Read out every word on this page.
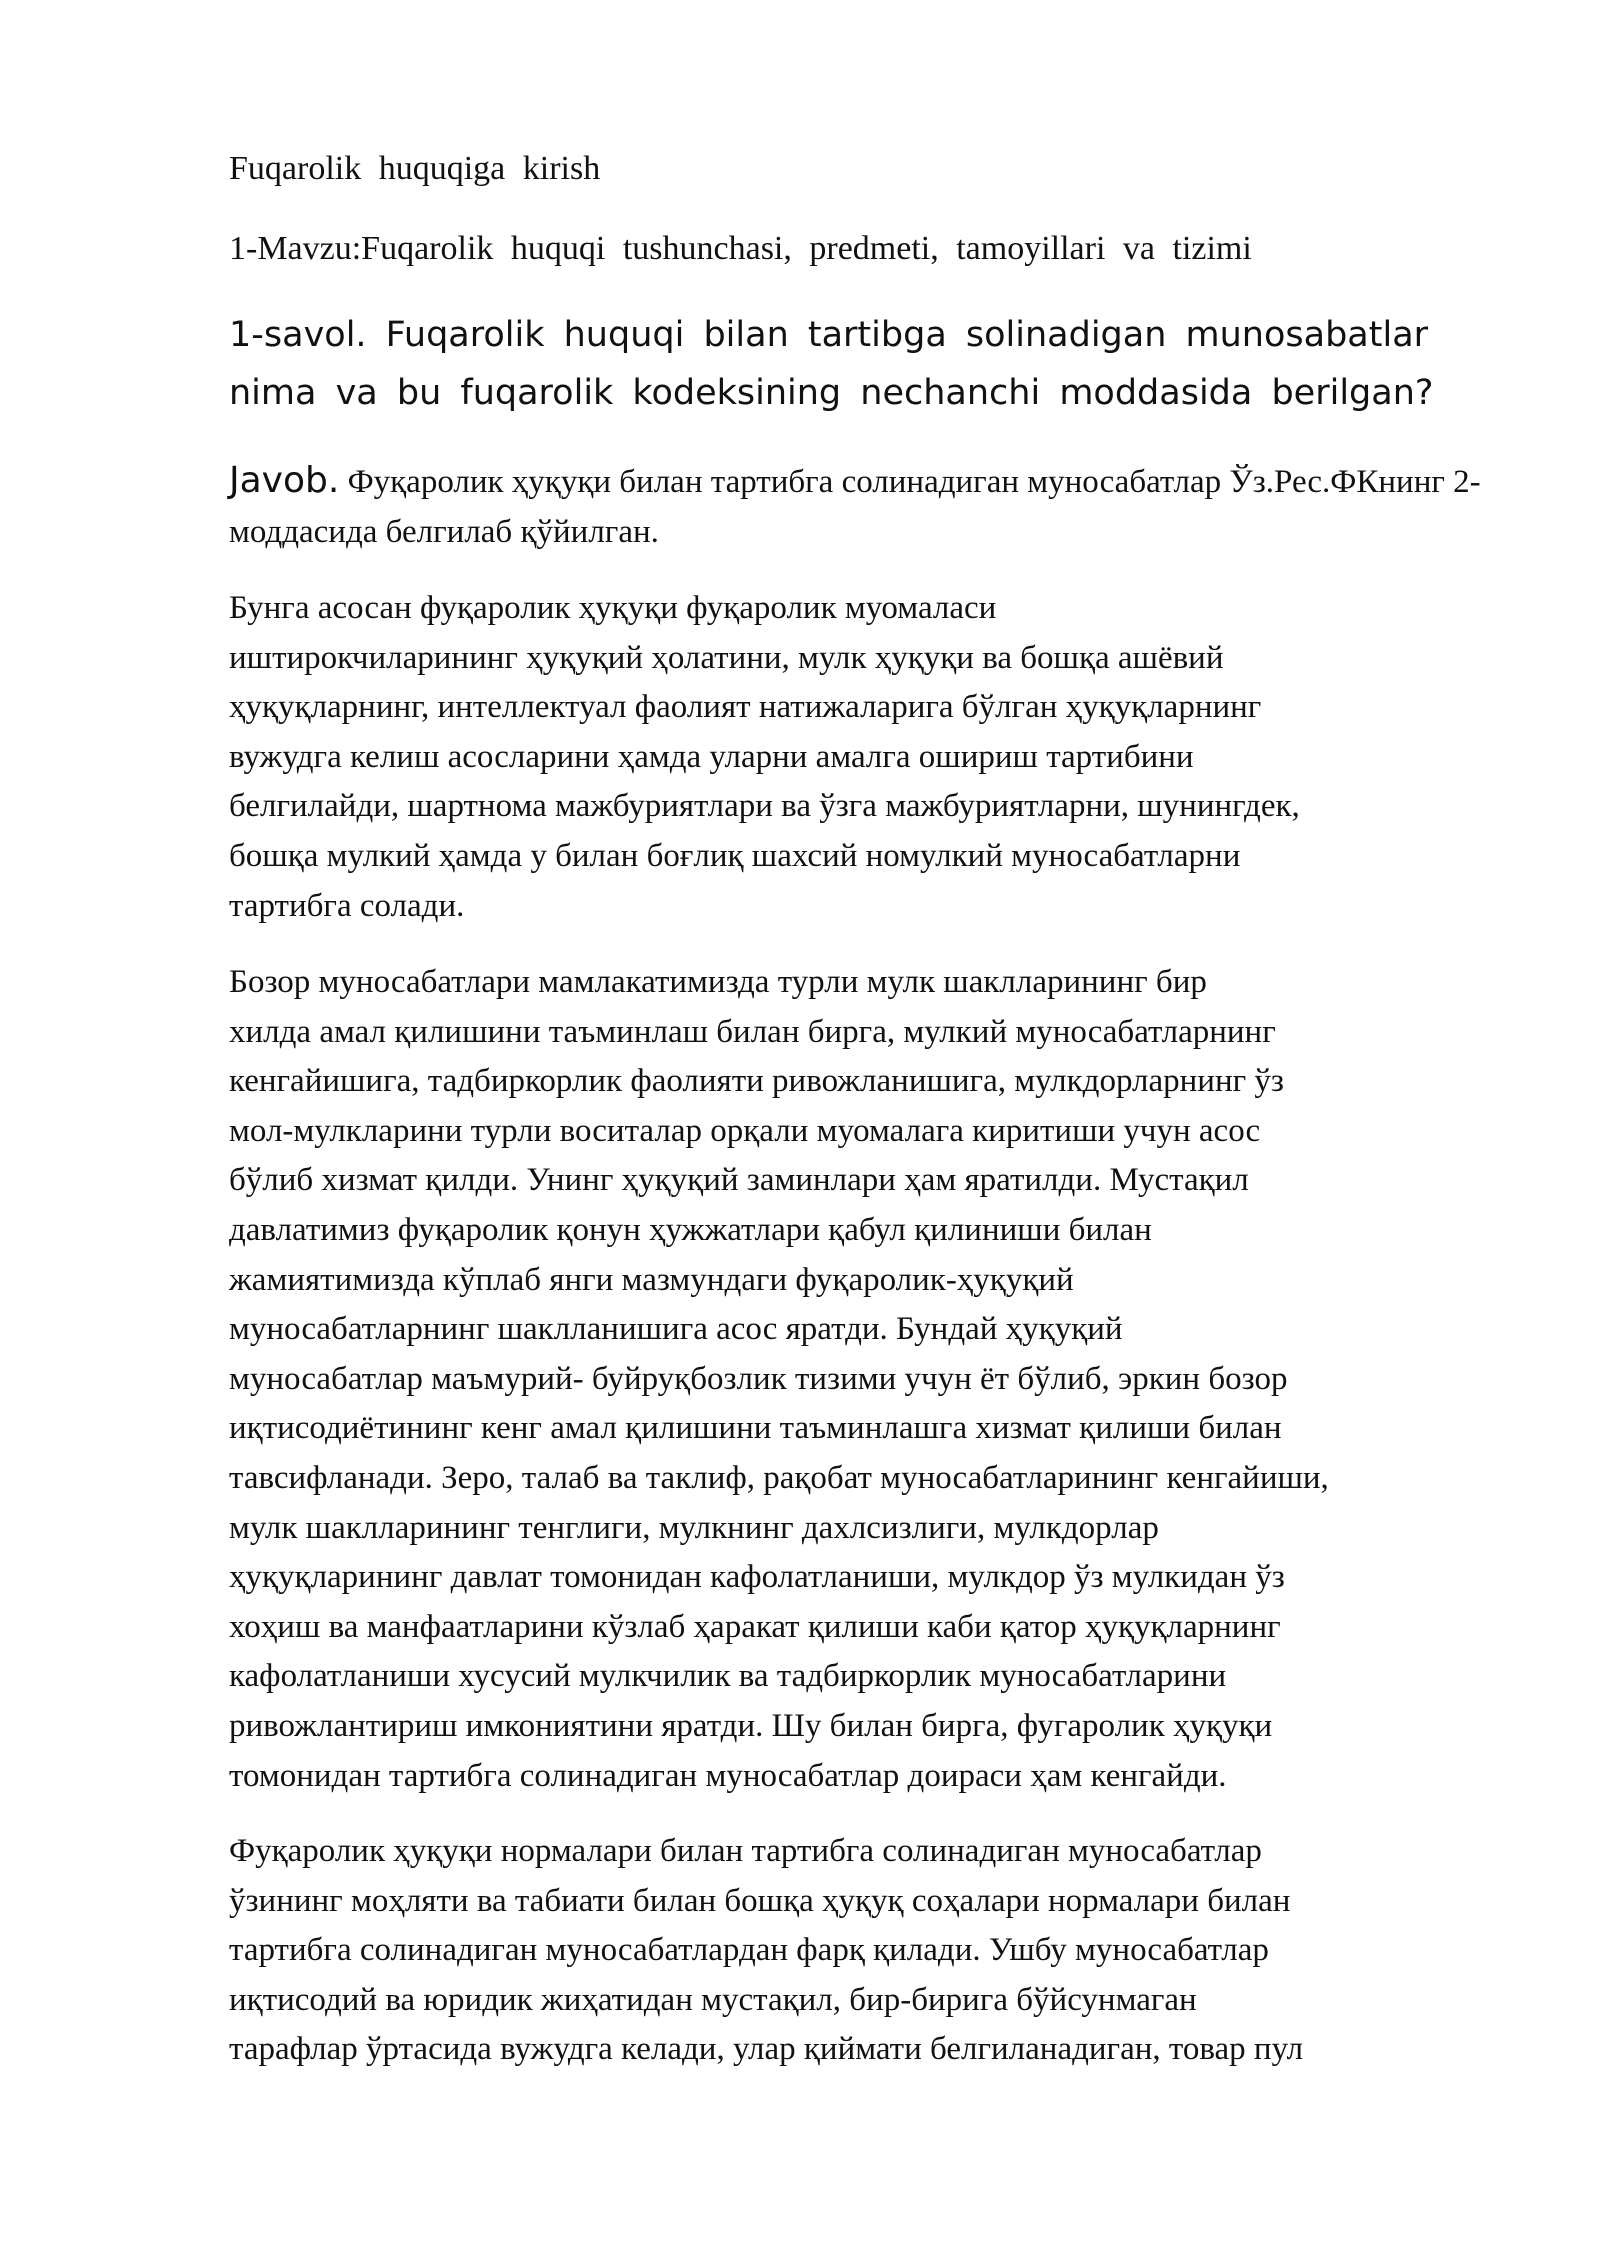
Fuqarolik huquqiga kirish
1-Mavzu:Fuqarolik huquqi tushunchasi, predmeti, tamoyillari va tizimi
1-savol. Fuqarolik huquqi bilan tartibga solinadigan munosabatlar nima va bu fuqarolik kodeksining nechanchi moddasida berilgan?
Javob. Фуқаролик ҳуқуқи билан тартибга солинадиган муносабатлар Ўз.Рес.ФКнинг 2-моддасида белгилаб қўйилган.

Бунга асосан фуқаролик ҳуқуқи фуқаролик муомаласи
иштирокчиларининг ҳуқуқий ҳолатини, мулк ҳуқуқи ва бошқа ашёвий
ҳуқуқларнинг, интеллектуал фаолият натижаларига бўлган ҳуқуқларнинг
вужудга келиш асосларини ҳамда уларни амалга ошириш тартибини
белгилайди, шартнома мажбуриятлари ва ўзга мажбуриятларни, шунингдек,
бошқа мулкий ҳамда у билан боғлиқ шахсий номулкий муносабатларни
тартибга солади.

Бозор муносабатлари мамлакатимизда турли мулк шаклларининг бир
хилда амал қилишини таъминлаш билан бирга, мулкий муносабатларнинг
кенгайишига, тадбиркорлик фаолияти ривожланишига, мулкдорларнинг ўз
мол-мулкларини турли воситалар орқали муомалага киритиши учун асос
бўлиб хизмат қилди. Унинг ҳуқуқий заминлари ҳам яратилди. Мустақил
давлатимиз фуқаролик қонун ҳужжатлари қабул қилиниши билан
жамиятимизда кўплаб янги мазмундаги фуқаролик-ҳуқуқий
муносабатларнинг шаклланишига асос яратди. Бундай ҳуқуқий
муносабатлар маъмурий- буйруқбозлик тизими учун ёт бўлиб, эркин бозор
иқтисодиётининг кенг амал қилишини таъминлашга хизмат қилиши билан
тавсифланади. Зеро, талаб ва таклиф, рақобат муносабатларининг кенгайиши,
мулк шаклларининг тенглиги, мулкнинг дахлсизлиги, мулкдорлар
ҳуқуқларининг давлат томонидан кафолатланиши, мулкдор ўз мулкидан ўз
хоҳиш ва манфаатларини кўзлаб ҳаракат қилиши каби қатор ҳуқуқларнинг
кафолатланиши хусусий мулкчилик ва тадбиркорлик муносабатларини
ривожлантириш имкониятини яратди. Шу билан бирга, фугаролик ҳуқуқи
томонидан тартибга солинадиган муносабатлар доираси ҳам кенгайди.

Фуқаролик ҳуқуқи нормалари билан тартибга солинадиган муносабатлар
ўзининг моҳляти ва табиати билан бошқа ҳуқуқ соҳалари нормалари билан
тартибга солинадиган муносабатлардан фарқ қилади. Ушбу муносабатлар
иқтисодий ва юридик жиҳатидан мустақил, бир-бирига бўйсунмаган
тарафлар ўртасида вужудга келади, улар қиймати белгиланадиган, товар пул
